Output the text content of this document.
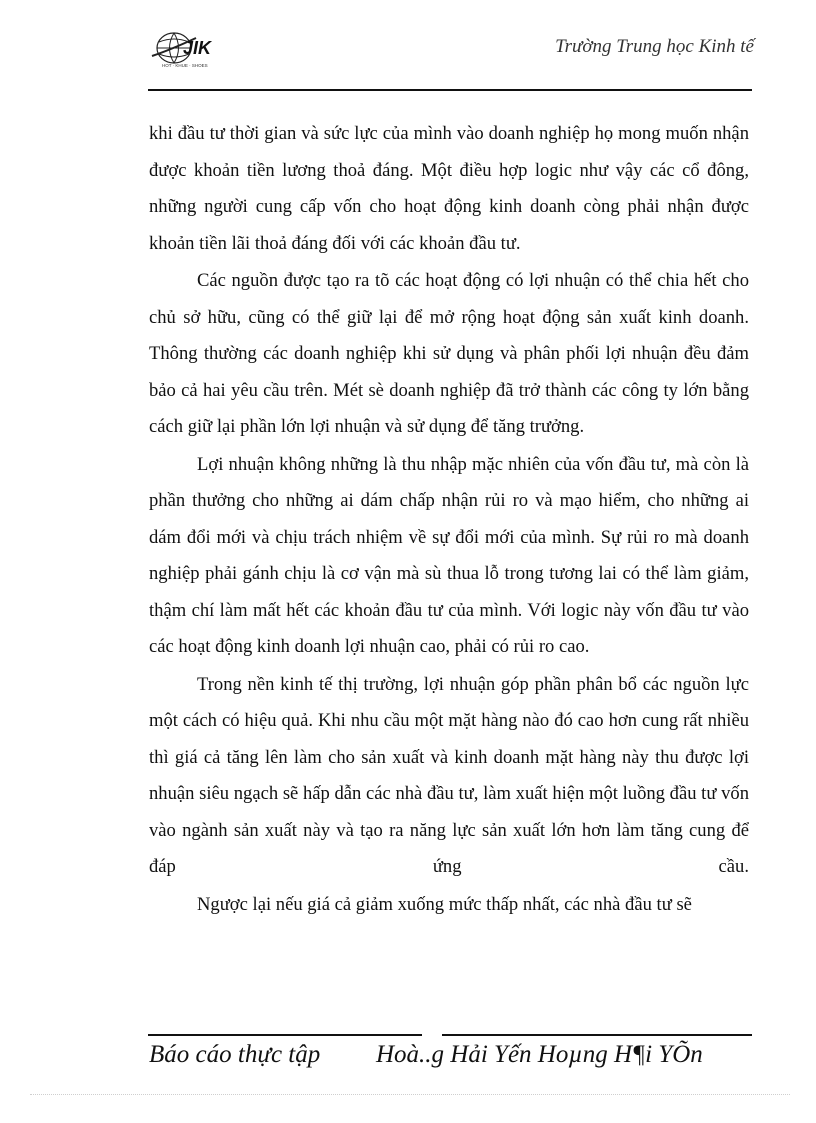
JIK
HOT · KHUE · SHOES
Trường Trung học Kinh tế

khi đầu tư thời gian và sức lực của mình vào doanh nghiệp họ mong muốn nhận được khoản tiền lương thoả đáng. Một điều hợp logic như vậy các cổ đông, những người cung cấp vốn cho hoạt động kinh doanh còng phải nhận được khoản tiền lãi thoả đáng đối với các khoản đầu tư.

Các nguồn được tạo ra tõ các hoạt động có lợi nhuận có thể chia hết cho chủ sở hữu, cũng có thể giữ lại để mở rộng hoạt động sản xuất kinh doanh. Thông thường các doanh nghiệp khi sử dụng và phân phối lợi nhuận đều đảm bảo cả hai yêu cầu trên. Mét sè doanh nghiệp đã trở thành các công ty lớn bằng cách giữ lại phần lớn lợi nhuận và sử dụng để tăng trưởng.

Lợi nhuận không những là thu nhập mặc nhiên của vốn đầu tư, mà còn là phần thưởng cho những ai dám chấp nhận rủi ro và mạo hiểm, cho những ai dám đổi mới và chịu trách nhiệm về sự đổi mới của mình. Sự rủi ro mà doanh nghiệp phải gánh chịu là cơ vận mà sù thua lỗ trong tương lai có thể làm giảm, thậm chí làm mất hết các khoản đầu tư của mình. Với logic này vốn đầu tư vào các hoạt động kinh doanh lợi nhuận cao, phải có rủi ro cao.

Trong nền kinh tế thị trường, lợi nhuận góp phần phân bổ các nguồn lực một cách có hiệu quả. Khi nhu cầu một mặt hàng nào đó cao hơn cung rất nhiều thì giá cả tăng lên làm cho sản xuất và kinh doanh mặt hàng này thu được lợi nhuận siêu ngạch sẽ hấp dẫn các nhà đầu tư, làm xuất hiện một luồng đầu tư vốn vào ngành sản xuất này và tạo ra năng lực sản xuất lớn hơn làm tăng cung để đáp ứng cầu.

Ngược lại nếu giá cả giảm xuống mức thấp nhất, các nhà đầu tư sẽ

Báo cáo thực tập Hoà..g Hải Yến Hoµng H¶i YÕn
